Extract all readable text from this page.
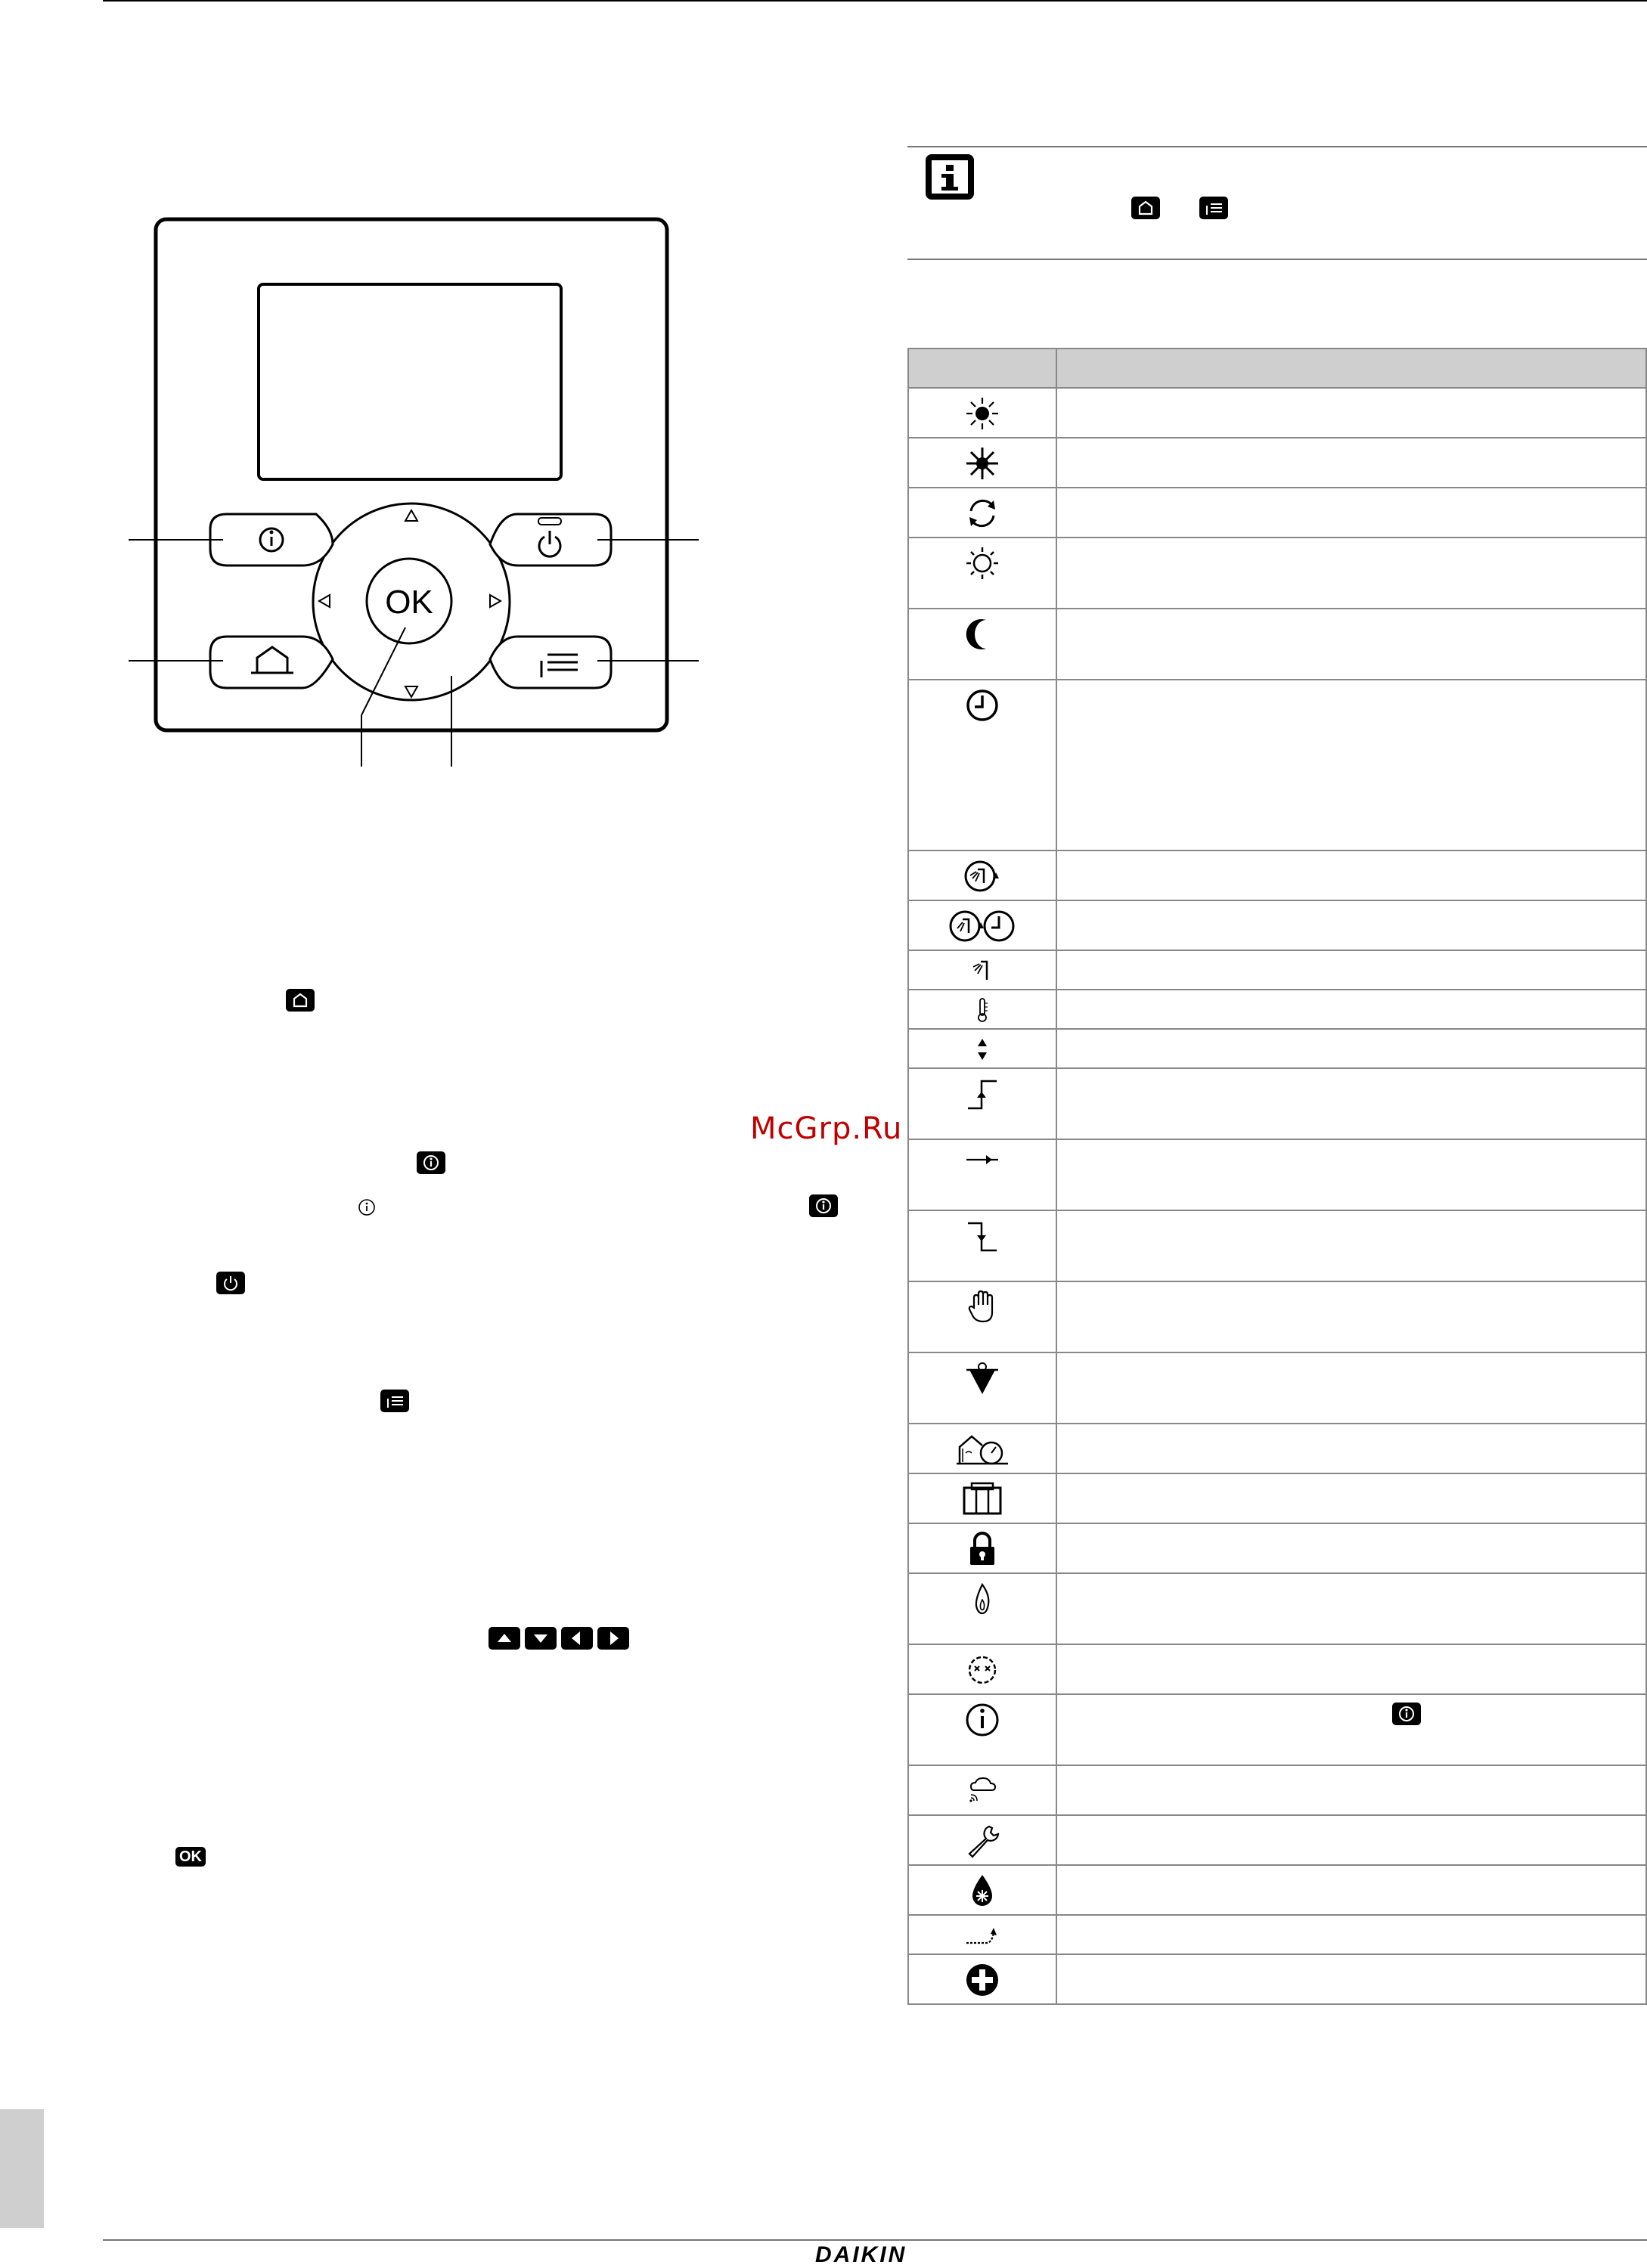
OK
OK
McGrp.Ru

DAIKIN
